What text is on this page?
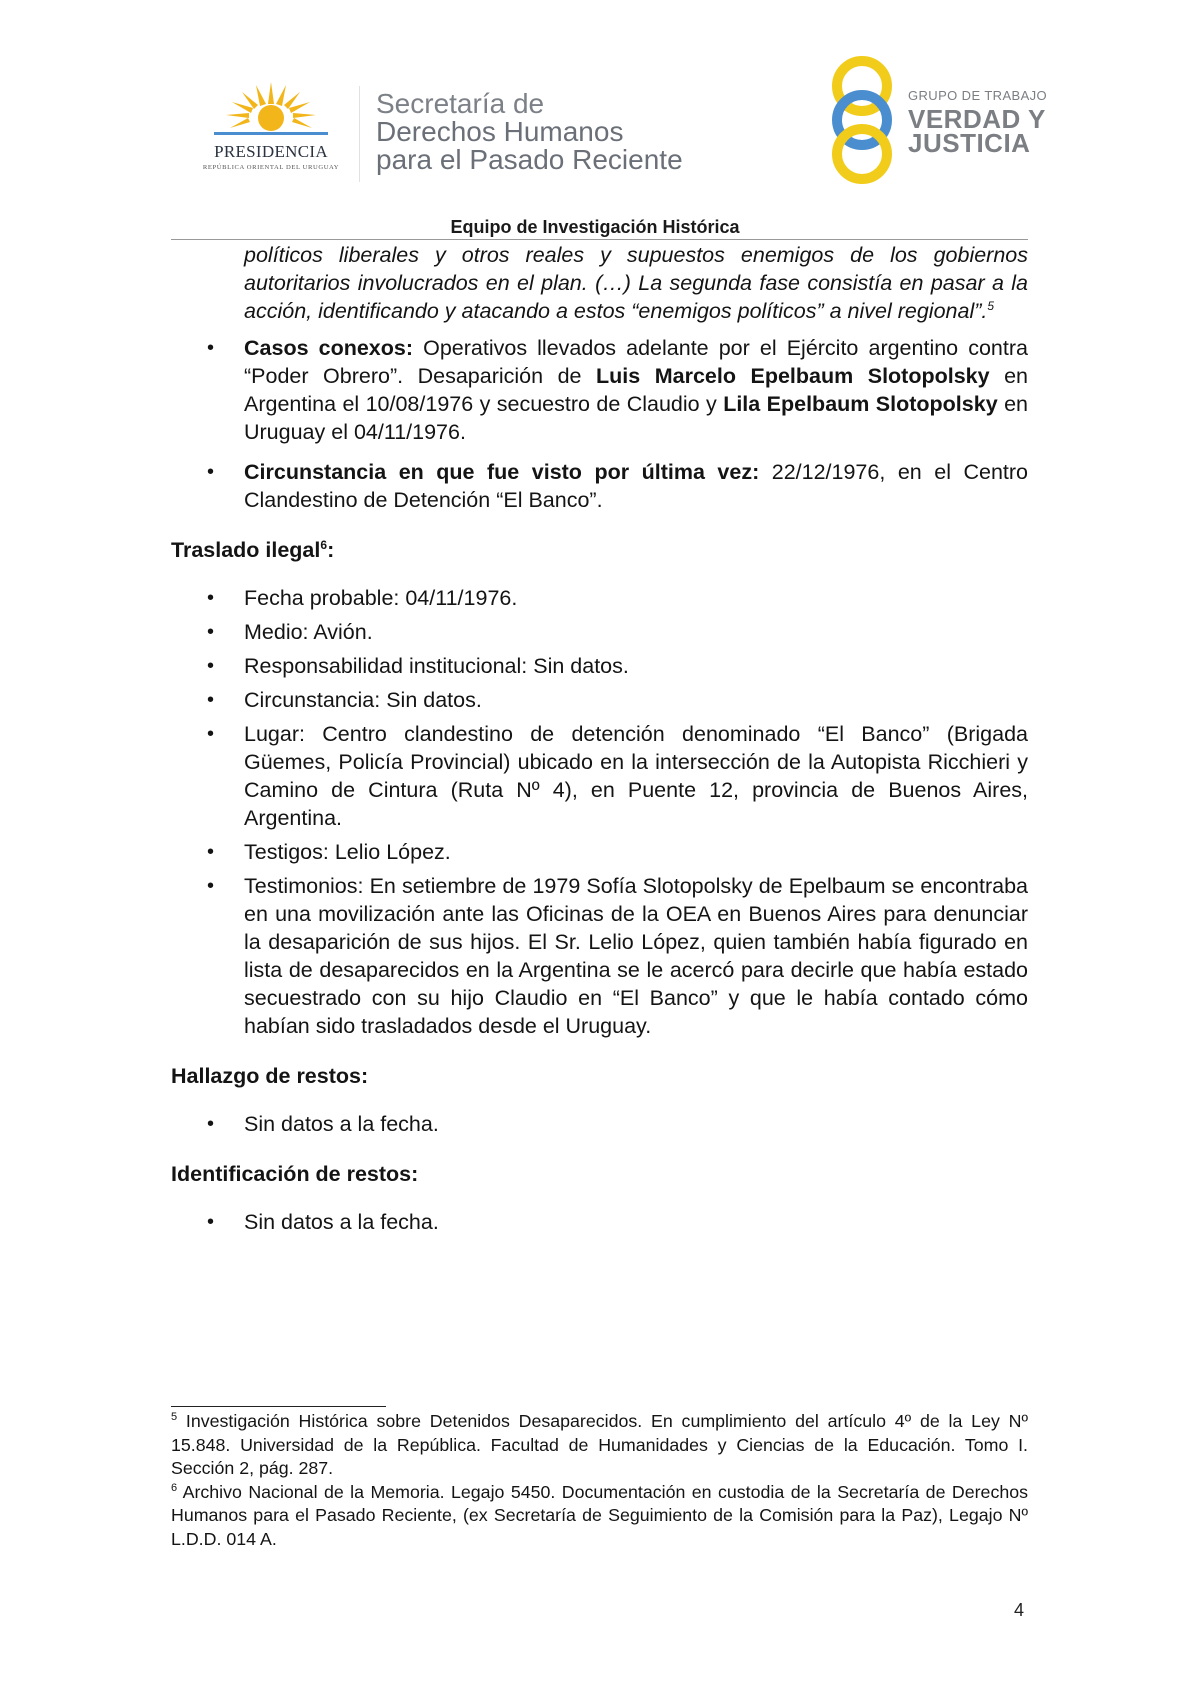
PRESIDENCIA
REPÚBLICA ORIENTAL DEL URUGUAY
Secretaría de
Derechos Humanos
para el Pasado Reciente
GRUPO DE TRABAJO
VERDAD Y
JUSTICIA
Equipo de Investigación Histórica

políticos liberales y otros reales y supuestos enemigos de los gobiernos autoritarios involucrados en el plan. (…) La segunda fase consistía en pasar a la acción, identificando y atacando a estos “enemigos políticos” a nivel regional”.$^5$

• Casos conexos: Operativos llevados adelante por el Ejército argentino contra “Poder Obrero”. Desaparición de Luis Marcelo Epelbaum Slotopolsky en Argentina el 10/08/1976 y secuestro de Claudio y Lila Epelbaum Slotopolsky en Uruguay el 04/11/1976.
• Circunstancia en que fue visto por última vez: 22/12/1976, en el Centro Clandestino de Detención “El Banco”.

Traslado ilegal$^6$:

• Fecha probable: 04/11/1976.
• Medio: Avión.
• Responsabilidad institucional: Sin datos.
• Circunstancia: Sin datos.
• Lugar: Centro clandestino de detención denominado “El Banco” (Brigada Güemes, Policía Provincial) ubicado en la intersección de la Autopista Ricchieri y Camino de Cintura (Ruta Nº 4), en Puente 12, provincia de Buenos Aires, Argentina.
• Testigos: Lelio López.
• Testimonios: En setiembre de 1979 Sofía Slotopolsky de Epelbaum se encontraba en una movilización ante las Oficinas de la OEA en Buenos Aires para denunciar la desaparición de sus hijos. El Sr. Lelio López, quien también había figurado en lista de desaparecidos en la Argentina se le acercó para decirle que había estado secuestrado con su hijo Claudio en “El Banco” y que le había contado cómo habían sido trasladados desde el Uruguay.

Hallazgo de restos:

• Sin datos a la fecha.

Identificación de restos:

• Sin datos a la fecha.

$^5$ Investigación Histórica sobre Detenidos Desaparecidos. En cumplimiento del artículo 4º de la Ley Nº 15.848. Universidad de la República. Facultad de Humanidades y Ciencias de la Educación. Tomo I. Sección 2, pág. 287.

$^6$ Archivo Nacional de la Memoria. Legajo 5450. Documentación en custodia de la Secretaría de Derechos Humanos para el Pasado Reciente, (ex Secretaría de Seguimiento de la Comisión para la Paz), Legajo Nº L.D.D. 014 A.

4
